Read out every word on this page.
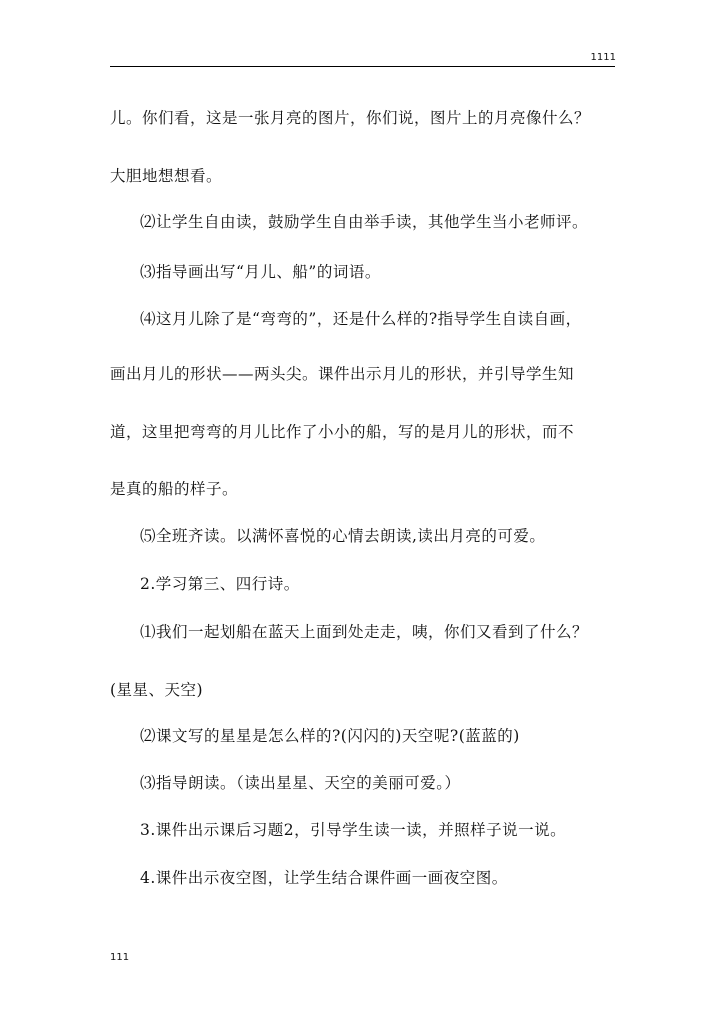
1111
儿。你们看，这是一张月亮的图片，你们说，图片上的月亮像什么？
大胆地想想看。
⑵让学生自由读，鼓励学生自由举手读，其他学生当小老师评。
⑶指导画出写“月儿、船”的词语。
⑷这月儿除了是“弯弯的”，还是什么样的?指导学生自读自画，
画出月儿的形状——两头尖。课件出示月儿的形状，并引导学生知
道，这里把弯弯的月儿比作了小小的船，写的是月儿的形状，而不
是真的船的样子。
⑸全班齐读。以满怀喜悦的心情去朗读,读出月亮的可爱。
2.学习第三、四行诗。
⑴我们一起划船在蓝天上面到处走走，咦，你们又看到了什么？
(星星、天空)
⑵课文写的星星是怎么样的?(闪闪的)天空呢?(蓝蓝的)
⑶指导朗读。（读出星星、天空的美丽可爱。）
3.课件出示课后习题2，引导学生读一读，并照样子说一说。
4.课件出示夜空图，让学生结合课件画一画夜空图。
111
